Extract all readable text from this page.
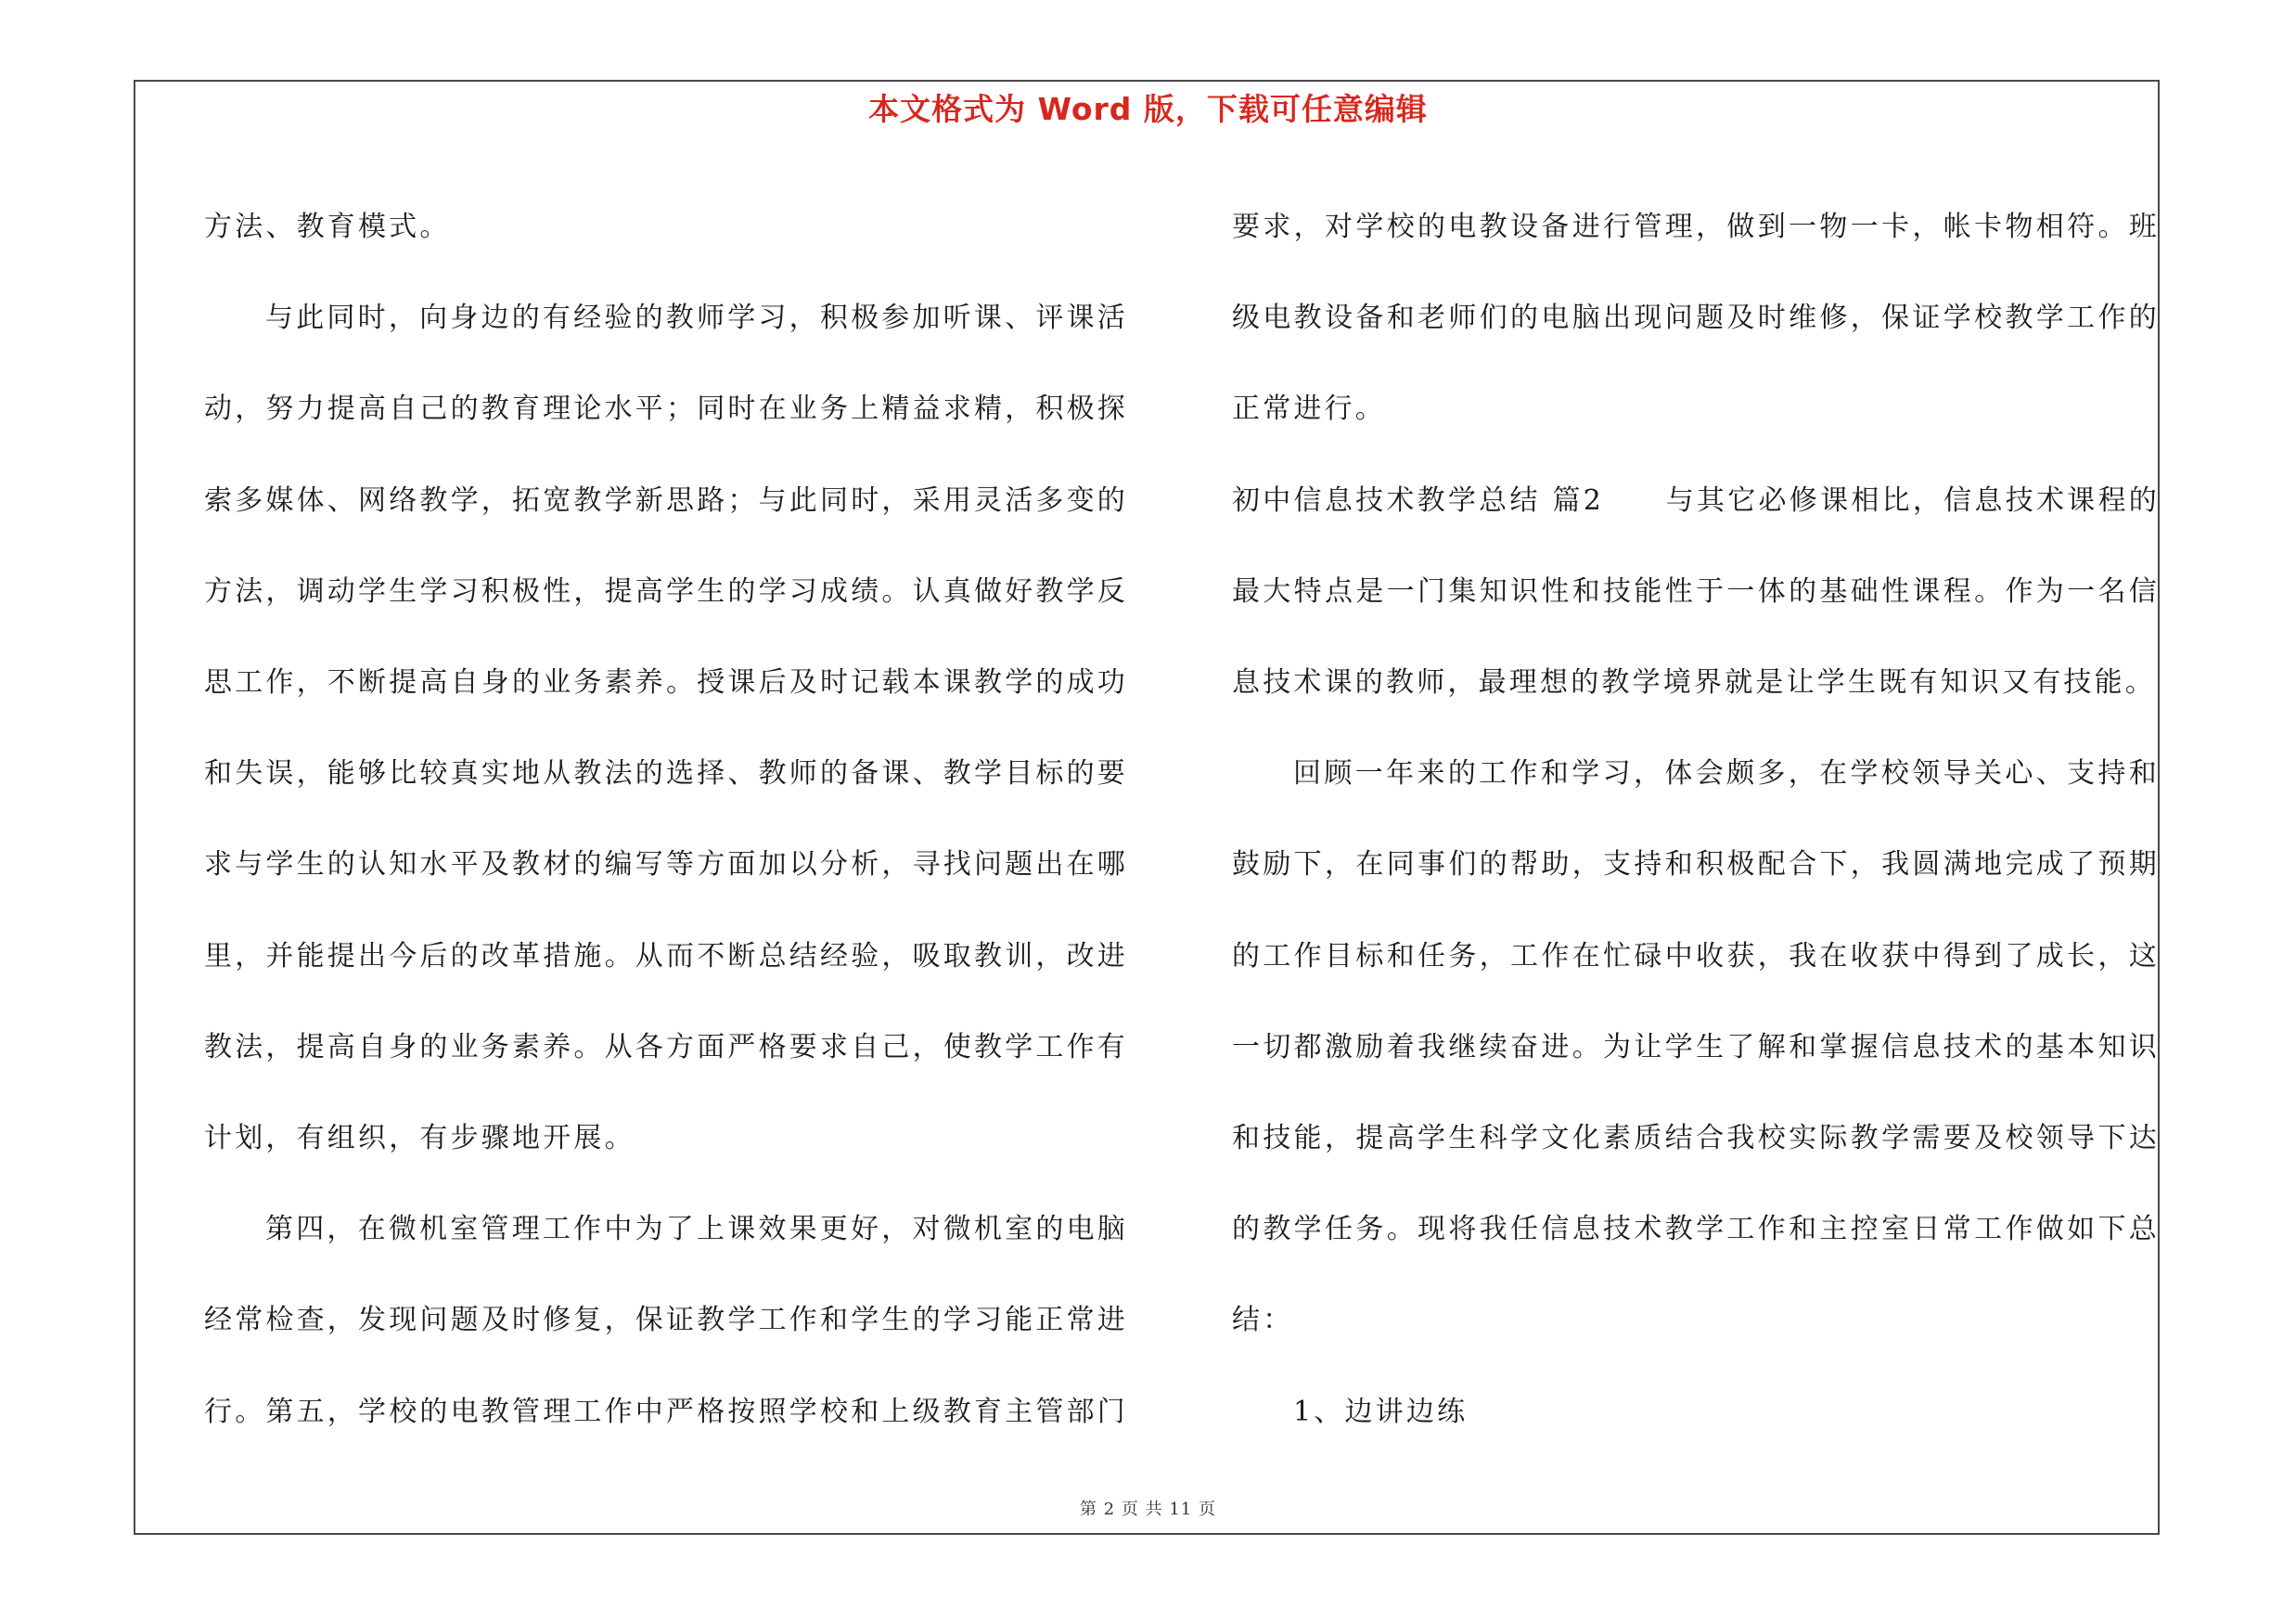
本文格式为 Word 版，下载可任意编辑

方法、教育模式。

与此同时，向身边的有经验的教师学习，积极参加听课、评课活动，努力提高自己的教育理论水平；同时在业务上精益求精，积极探索多媒体、网络教学，拓宽教学新思路；与此同时，采用灵活多变的方法，调动学生学习积极性，提高学生的学习成绩。认真做好教学反思工作，不断提高自身的业务素养。授课后及时记载本课教学的成功和失误，能够比较真实地从教法的选择、教师的备课、教学目标的要求与学生的认知水平及教材的编写等方面加以分析，寻找问题出在哪里，并能提出今后的改革措施。从而不断总结经验，吸取教训，改进教法，提高自身的业务素养。从各方面严格要求自己，使教学工作有计划，有组织，有步骤地开展。

第四，在微机室管理工作中为了上课效果更好，对微机室的电脑经常检查，发现问题及时修复，保证教学工作和学生的学习能正常进行。第五，学校的电教管理工作中严格按照学校和上级教育主管部门

要求，对学校的电教设备进行管理，做到一物一卡，帐卡物相符。班级电教设备和老师们的电脑出现问题及时维修，保证学校教学工作的正常进行。

初中信息技术教学总结 篇2　　与其它必修课相比，信息技术课程的最大特点是一门集知识性和技能性于一体的基础性课程。作为一名信息技术课的教师，最理想的教学境界就是让学生既有知识又有技能。

回顾一年来的工作和学习，体会颇多，在学校领导关心、支持和鼓励下，在同事们的帮助，支持和积极配合下，我圆满地完成了预期的工作目标和任务，工作在忙碌中收获，我在收获中得到了成长，这一切都激励着我继续奋进。为让学生了解和掌握信息技术的基本知识和技能，提高学生科学文化素质结合我校实际教学需要及校领导下达的教学任务。现将我任信息技术教学工作和主控室日常工作做如下总结：

1、边讲边练

第 2 页 共 11 页
